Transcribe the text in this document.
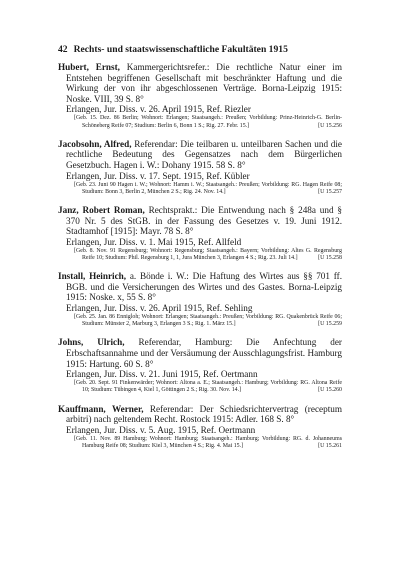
42 Rechts- und staatswissenschaftliche Fakultäten 1915
Hubert, Ernst, Kammergerichtsrefer.: Die rechtliche Natur einer im Entstehen begriffenen Gesellschaft mit beschränkter Haftung und die Wirkung der von ihr abgeschlossenen Verträge. Borna-Leipzig 1915: Noske. VIII, 39 S. 8°
Erlangen, Jur. Diss. v. 26. April 1915, Ref. Riezler
[Geb. 15. Dez. 86 Berlin; Wohnort: Erlangen; Staatsangeh.: Preußen; Vorbildung: Prinz-Heinrich-G. Berlin-Schöneberg Reife 07; Studium: Berlin 6, Bonn 1 S.; Rig. 27. Febr. 15.]	[U 15.256
Jacobsohn, Alfred, Referendar: Die teilbaren u. unteilbaren Sachen und die rechtliche Bedeutung des Gegensatzes nach dem Bürgerlichen Gesetzbuch. Hagen i. W.: Dohany 1915. 58 S. 8°
Erlangen, Jur. Diss. v. 17. Sept. 1915, Ref. Kübler
[Geb. 23. Juni 90 Hagen i. W.; Wohnort: Hamm i. W.; Staatsangeh.: Preußen; Vorbildung: RG. Hagen Reife 08; Studium: Bonn 3, Berlin 2, München 2 S.; Rig. 24. Nov. 14.]	[U 15.257
Janz, Robert Roman, Rechtsprakt.: Die Entwendung nach § 248a und § 370 Nr. 5 des StGB. in der Fassung des Gesetzes v. 19. Juni 1912. Stadtamhof [1915]: Mayr. 78 S. 8°
Erlangen, Jur. Diss. v. 1. Mai 1915, Ref. Allfeld
[Geb. 8. Nov. 91 Regensburg; Wohnort: Regensburg; Staatsangeh.: Bayern; Vorbildung: Altes G. Regensburg Reife 10; Studium: Phil. Regensburg 1, 1, Jura München 3, Erlangen 4 S.; Rig. 23. Juli 14.]	[U 15.258
Install, Heinrich, a. Bönde i. W.: Die Haftung des Wirtes aus §§ 701 ff. BGB. und die Versicherungen des Wirtes und des Gastes. Borna-Leipzig 1915: Noske. x, 55 S. 8°
Erlangen, Jur. Diss. v. 26. April 1915, Ref. Sehling
[Geb. 25. Jan. 86 Ennigloh; Wohnort: Erlangen; Staatsangeh.: Preußen; Vorbildung: RG. Quakenbrück Reife 06; Studium: Münster 2, Marburg 3, Erlangen 3 S.; Rig. 1. März 15.]	[U 15.259
Johns, Ulrich, Referendar, Hamburg: Die Anfechtung der Erbschaftsannahme und der Versäumung der Ausschlagungsfrist. Hamburg 1915: Hartung. 60 S. 8°
Erlangen, Jur. Diss. v. 21. Juni 1915, Ref. Oertmann
[Geb. 20. Sept. 91 Finkenwärder; Wohnort: Altona a. E.; Staatsangeh.: Hamburg; Vorbildung: RG. Altona Reife 10; Studium: Tübingen 4, Kiel 1, Göttingen 2 S.; Rig. 30. Nov. 14.]	[U 15.260
Kauffmann, Werner, Referendar: Der Schiedsrichtervertrag (receptum arbitri) nach geltendem Recht. Rostock 1915: Adler. 168 S. 8°
Erlangen, Jur. Diss. v. 5. Aug. 1915, Ref. Oertmann
[Geb. 11. Nov. 89 Hamburg; Wohnort: Hamburg; Staatsangeh.: Hamburg; Vorbildung: RG. d. Johanneums Hamburg Reife 08; Studium: Kiel 3, München 4 S.; Rig. 4. Mai 15.]	[U 15.261
